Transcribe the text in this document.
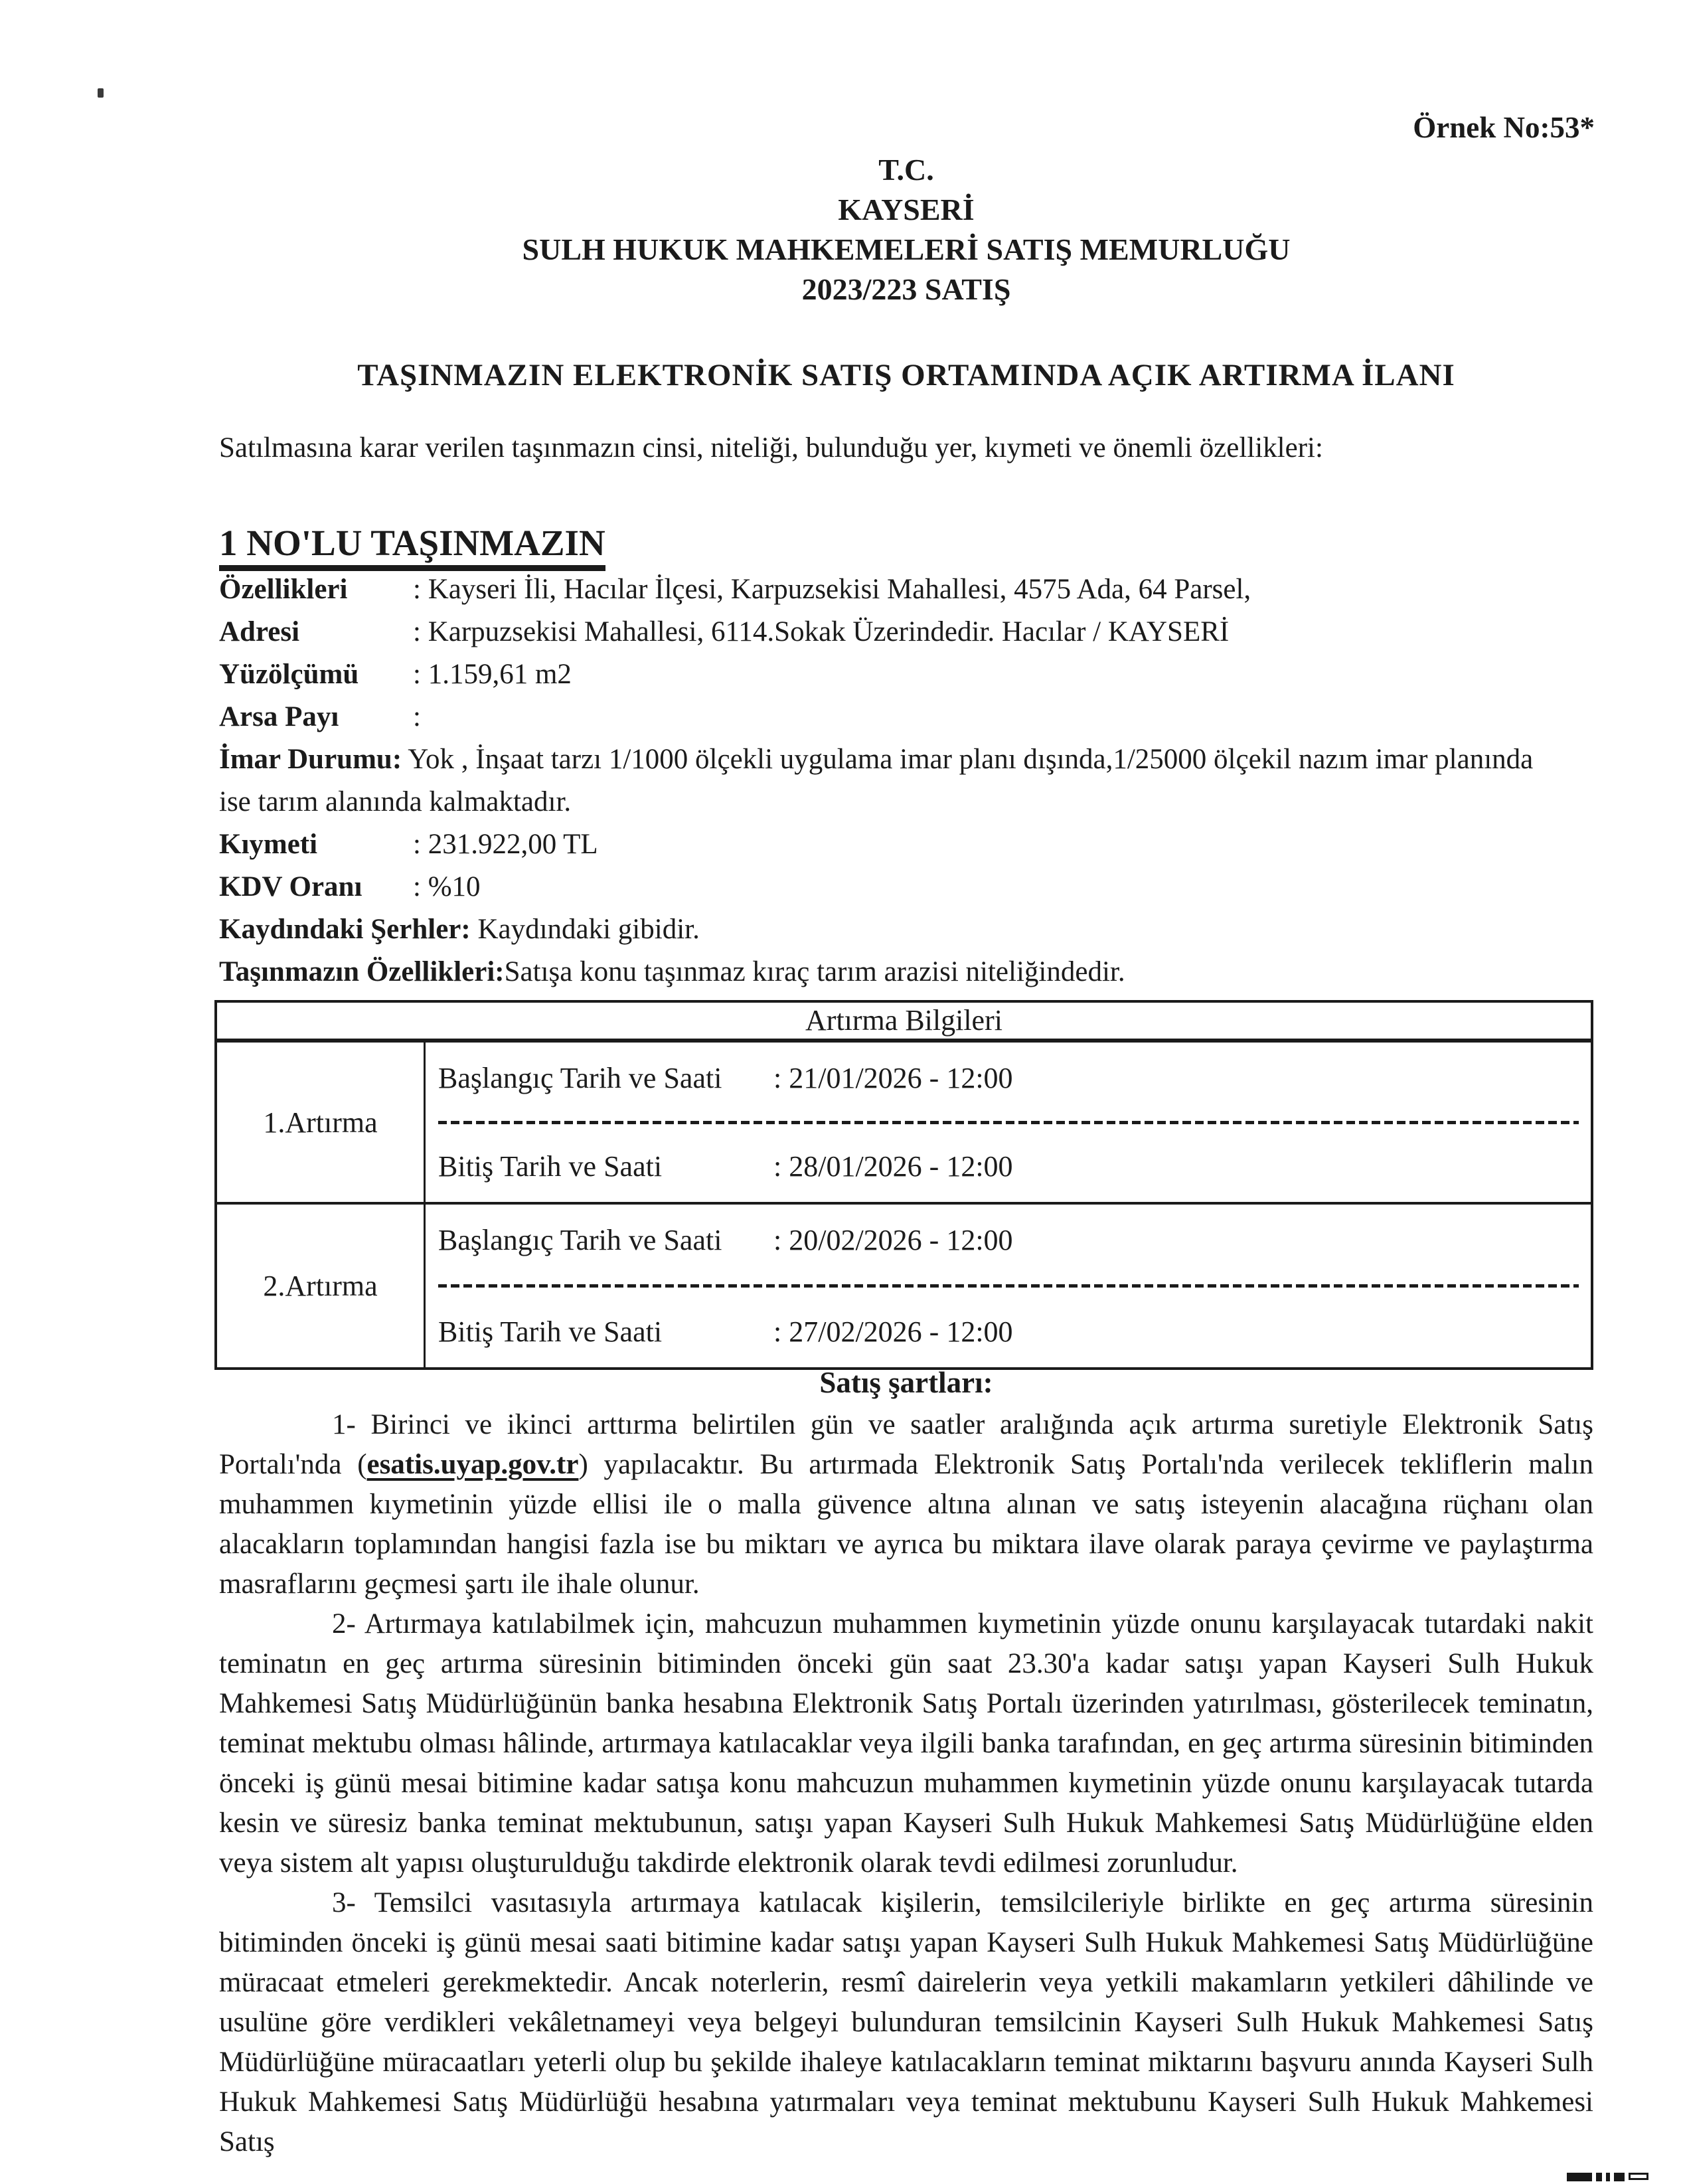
Örnek No:53*
T.C.
KAYSERİ
SULH HUKUK MAHKEMELERİ SATIŞ MEMURLUĞU
2023/223 SATIŞ
TAŞINMAZIN ELEKTRONİK SATIŞ ORTAMINDA AÇIK ARTIRMA İLANI
Satılmasına karar verilen taşınmazın cinsi, niteliği, bulunduğu yer, kıymeti ve önemli özellikleri:
1 NO'LU TAŞINMAZIN
Özellikleri : Kayseri İli, Hacılar İlçesi, Karpuzsekisi Mahallesi, 4575 Ada, 64 Parsel,
Adresi	: Karpuzsekisi Mahallesi, 6114.Sokak Üzerindedir. Hacılar / KAYSERİ
Yüzölçümü : 1.159,61 m2
Arsa Payı	:
İmar Durumu: Yok , İnşaat tarzı 1/1000 ölçekli uygulama imar planı dışında,1/25000 ölçekil nazım imar planında ise tarım alanında kalmaktadır.
Kıymeti	: 231.922,00 TL
KDV Oranı : %10
Kaydındaki Şerhler: Kaydındaki gibidir.
Taşınmazın Özellikleri:Satışa konu taşınmaz kıraç tarım arazisi niteliğindedir.
Artırma Bilgileri
1.Artırma
Başlangıç Tarih ve Saati : 21/01/2026 - 12:00
Bitiş Tarih ve Saati	: 28/01/2026 - 12:00
2.Artırma
Başlangıç Tarih ve Saati : 20/02/2026 - 12:00
Bitiş Tarih ve Saati	: 27/02/2026 - 12:00
Satış şartları:

1- Birinci ve ikinci arttırma belirtilen gün ve saatler aralığında açık artırma suretiyle Elektronik Satış Portalı'nda (esatis.uyap.gov.tr) yapılacaktır. Bu artırmada Elektronik Satış Portalı'nda verilecek tekliflerin malın muhammen kıymetinin yüzde ellisi ile o malla güvence altına alınan ve satış isteyenin alacağına rüçhanı olan alacakların toplamından hangisi fazla ise bu miktarı ve ayrıca bu miktara ilave olarak paraya çevirme ve paylaştırma masraflarını geçmesi şartı ile ihale olunur.

2- Artırmaya katılabilmek için, mahcuzun muhammen kıymetinin yüzde onunu karşılayacak tutardaki nakit teminatın en geç artırma süresinin bitiminden önceki gün saat 23.30'a kadar satışı yapan Kayseri Sulh Hukuk Mahkemesi Satış Müdürlüğünün banka hesabına Elektronik Satış Portalı üzerinden yatırılması, gösterilecek teminatın, teminat mektubu olması hâlinde, artırmaya katılacaklar veya ilgili banka tarafından, en geç artırma süresinin bitiminden önceki iş günü mesai bitimine kadar satışa konu mahcuzun muhammen kıymetinin yüzde onunu karşılayacak tutarda kesin ve süresiz banka teminat mektubunun, satışı yapan Kayseri Sulh Hukuk Mahkemesi Satış Müdürlüğüne elden veya sistem alt yapısı oluşturulduğu takdirde elektronik olarak tevdi edilmesi zorunludur.

3- Temsilci vasıtasıyla artırmaya katılacak kişilerin, temsilcileriyle birlikte en geç artırma süresinin bitiminden önceki iş günü mesai saati bitimine kadar satışı yapan Kayseri Sulh Hukuk Mahkemesi Satış Müdürlüğüne müracaat etmeleri gerekmektedir. Ancak noterlerin, resmî dairelerin veya yetkili makamların yetkileri dâhilinde ve usulüne göre verdikleri vekâletnameyi veya belgeyi bulunduran temsilcinin Kayseri Sulh Hukuk Mahkemesi Satış Müdürlüğüne müracaatları yeterli olup bu şekilde ihaleye katılacakların teminat miktarını başvuru anında Kayseri Sulh Hukuk Mahkemesi Satış Müdürlüğü hesabına yatırmaları veya teminat mektubunu Kayseri Sulh Hukuk Mahkemesi Satış
